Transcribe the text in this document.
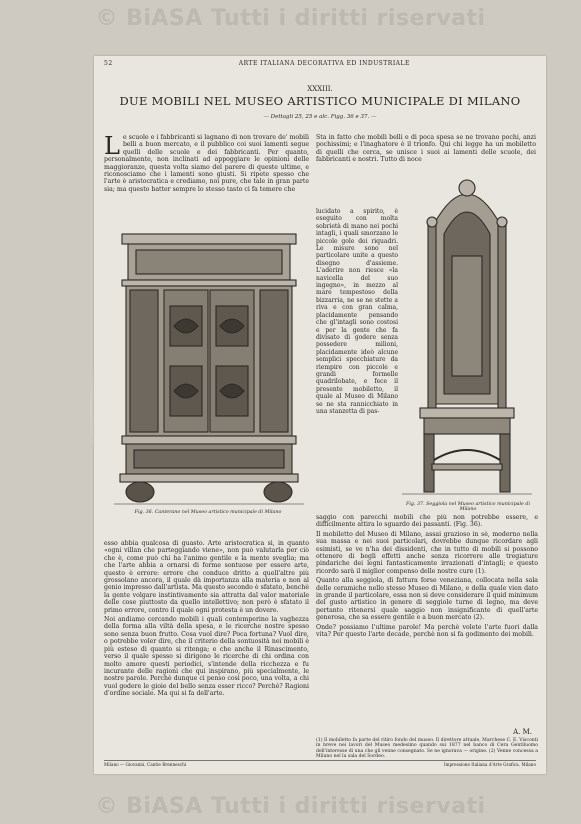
© BiASA Tutti i diritti riservati
52	ARTE ITALIANA DECORATIVA ED INDUSTRIALE
XXXIII.
DUE MOBILI NEL MUSEO ARTISTICO MUNICIPALE DI MILANO
— Dettagli 25, 25 e alc. Figg. 36 e 37. —
L e scuole e i fabbricanti si lagnano di non trovare de' mobili belli a buon mercato, e il pubblico coi suoi lamenti segue quelli delle scuole e dei fabbricanti. Per quanto, personalmente, non inclinati ad appoggiare le opinioni delle maggioranze, questa volta siamo del parere di queste ultime, e riconosciamo che i lamenti sono giusti. Si ripete spesso che l'arte è aristocratica e crediamo, noi pure, che tale in gran parte sia; ma questo batter sempre lo stesso tasto ci fa temere che
Fig. 36. Canterano nel Museo artistico municipale di Milano

esso abbia qualcosa di guasto. Arte aristocratica sì, in quanto «ogni villan che parteggiando viene», non può valutarla per ciò che è, come può chi ha l'animo gentile e la mente sveglia; ma che l'arte abbia a ornarsi di forme sontuose per essere arte, questo è errore: errore che conduce dritto a quell'altre più grossolano ancora, il quale dà importanza alla materia e non al genio impresso dall'artista. Ma questo secondo è sfatato, benchè la gente volgare instintivamente sia attratta dal valor materiale delle cose piuttosto da quello intellettivo; non però è sfatato il primo errore, contro il quale ogni protesta è un dovere.

Noi andiamo cercando mobili i quali contemperino la vaghezza della forma alla viltà della spesa, e le ricerche nostre spesso sono senza buon frutto. Cosa vuol dire? Poca fortuna? Vuol dire, o potrebbe voler dire, che il criterio della sontuosità nei mobili è più esteso di quanto si ritenga; e che anche il Rinascimento, verso il quale spesso si dirigono le ricerche di chi ordina con molto amore questi periodici, s'intende della ricchezza e fu incurante delle ragioni che qui inspirano, più specialmente, le nostre parole. Perchè dunque ci penso così poco, una volta, a chi vuol godere le gioie del bello senza esser ricco? Perchè? Ragioni d'ordine sociale. Ma qui si fa dell'arte.

Sta in fatto che mobili belli e di poca spesa se ne trovano pochi, anzi pochissimi; e l'inaghatore è il trionfo. Qui chi legge ha un mobiletto di quelli che cerca, se unisce i suoi ai lamenti delle scuole, dei fabbricanti e nostri. Tutto di noce

lucidato a spirito, è eseguito con molta sobrietà di mano nei pochi intagli, i quali smorzano le piccole gole dei riquadri. Le misure sono nel particolare unite a questo disegno d'assieme. L'aderire non riesce «la navicella del suo ingegno», in mezzo al mare tempestoso della bizzarria, ne se ne stette a riva e con gran calma, placidamente pensando che gl'intagli sono costosi e per la gente che fa divisato di godere senza possedere milioni, placidamente ideò alcune semplici specchiature da riempire con piccole e grandi formelle quadrilobate, e fece il presente mobiletto, il quale al Museo di Milano se ne sta rannicchiato in una stanzetta di pas-

Fig. 37. Seggiola nel Museo artistico municipale di Milano

saggio con parecchi mobili che più non potrebbe essere, e difficilmente attira lo sguardo dei passanti. (Fig. 36).

Il mobiletto del Museo di Milano, assai grazioso in sè, moderno nella sua massa e nei suoi particolari, dovrebbe dunque ricordare agli esimisti, se ve n'ha dei dissidenti, che in tutto di mobili si possono ottenere di begli effetti anche senza ricorrere alle tregiature pindariche dei legni fantasticamente irrazionati d'intagli; e questo ricordo sarà il miglior compenso delle nostre cure (1).

Quanto alla seggiola, di fattura forse veneziana, collocata nella sala delle ceramiche nello stesso Museo di Milano, e della quale vien dato in grande il particolare, essa non si deve considerare il quid minimum del gusto artistico in genere di seggiole turne di legno, ma deve pertanto ritenersi quale saggio non insignificante di quell'arte generosa, che sa essere gentile e a buon mercato (2).

Onde? possiamo l'ultime parole! Ma perchè volete l'arte fuori dalla vita? Per questo l'arte decade, perchè non si fa godimento dei mobili.

A. M.
(1) Il mobiletto fa parte del ritiro fondo del museo. Il direttore attuale, Marchese C. E. Visconti in breve nei lavori del Museo medesimo quando sui 1877 nel banco di Cera Gentiluomo dell'interesse di una che gli venne consegnato. Se ne ignorava — origine. (2) Venne concessa a Milano nel la sala del Sordeo.
Milano — Giovanni, Cantie Brenneschi	Impressione Italiana d'Arte Grafica, Milano
© BiASA Tutti i diritti riservati
